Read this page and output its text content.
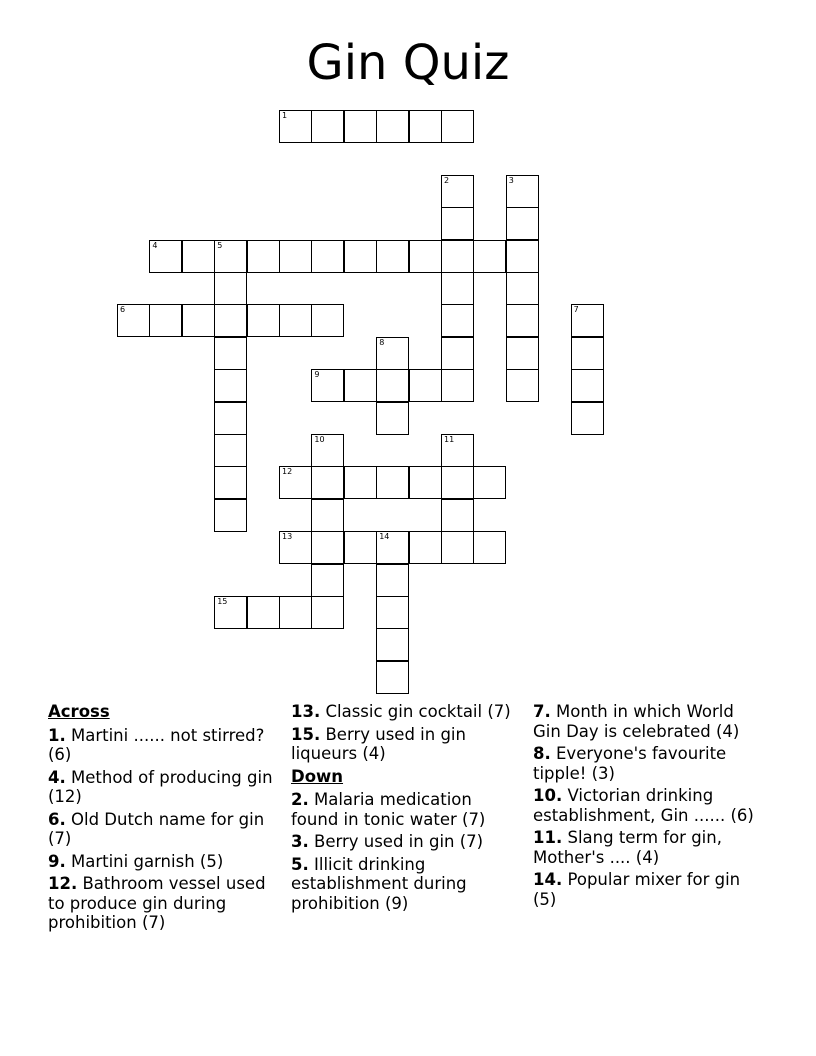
Gin Quiz
1
2	3
4	5
6	7
8
9
10	11
12
13	14
15
Across
1. Martini ...... not stirred? (6)
4. Method of producing gin (12)
6. Old Dutch name for gin (7)
9. Martini garnish (5)
12. Bathroom vessel used to produce gin during prohibition (7)
13. Classic gin cocktail (7)
15. Berry used in gin liqueurs (4)
Down
2. Malaria medication found in tonic water (7)
3. Berry used in gin (7)
5. Illicit drinking establishment during prohibition (9)
7. Month in which World Gin Day is celebrated (4)
8. Everyone's favourite tipple! (3)
10. Victorian drinking establishment, Gin ...... (6)
11. Slang term for gin, Mother's .... (4)
14. Popular mixer for gin (5)
